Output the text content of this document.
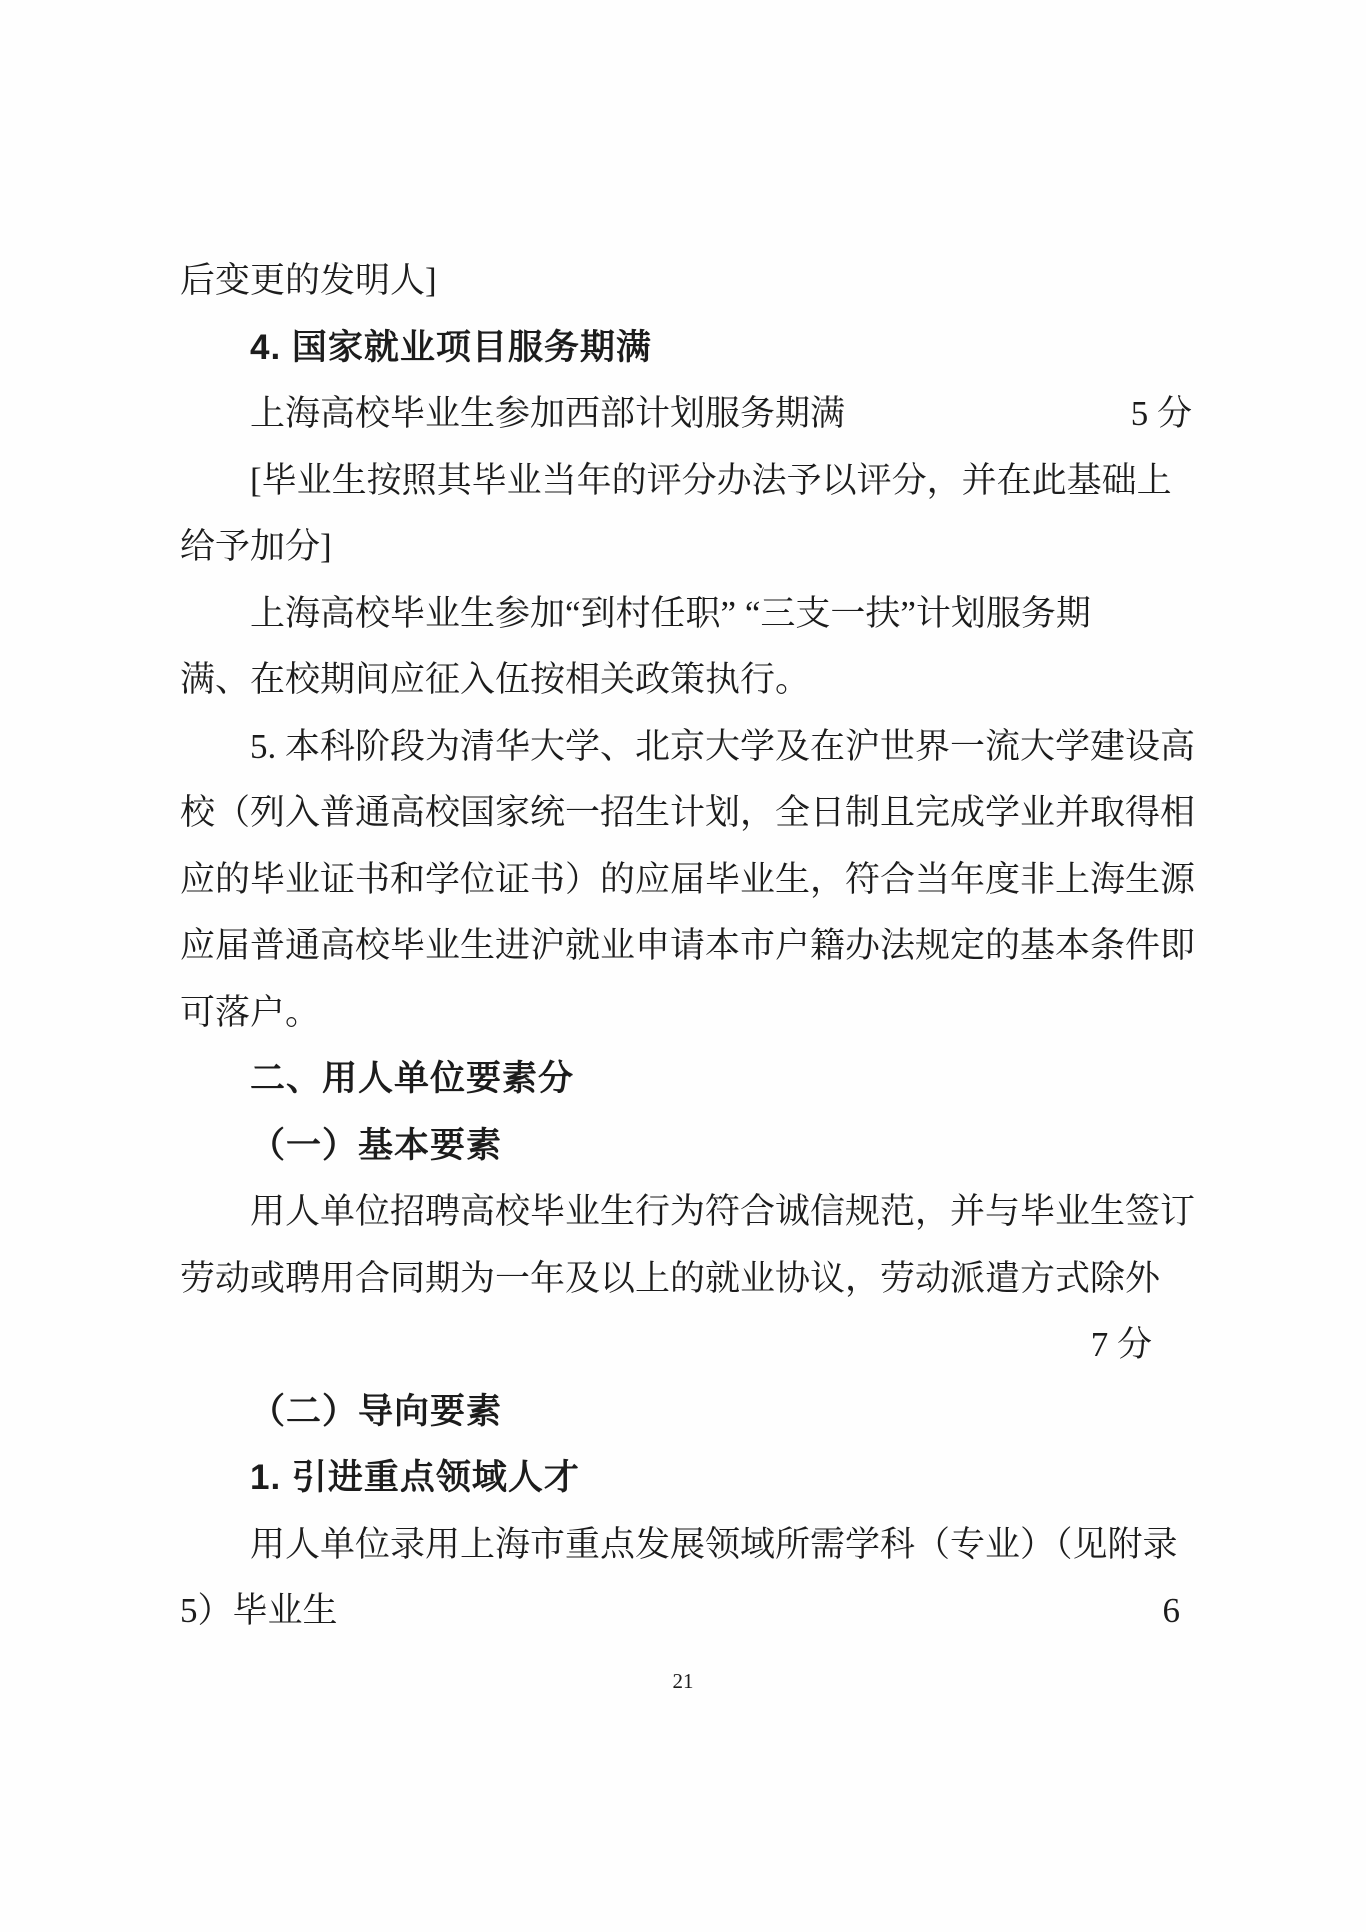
后变更的发明人]
4. 国家就业项目服务期满
上海高校毕业生参加西部计划服务期满	5 分
[毕业生按照其毕业当年的评分办法予以评分，并在此基础上
给予加分]
上海高校毕业生参加“到村任职” “三支一扶”计划服务期
满、在校期间应征入伍按相关政策执行。
5. 本科阶段为清华大学、北京大学及在沪世界一流大学建设高
校（列入普通高校国家统一招生计划，全日制且完成学业并取得相
应的毕业证书和学位证书）的应届毕业生，符合当年度非上海生源
应届普通高校毕业生进沪就业申请本市户籍办法规定的基本条件即
可落户。
二、用人单位要素分
（一）基本要素
用人单位招聘高校毕业生行为符合诚信规范，并与毕业生签订
劳动或聘用合同期为一年及以上的就业协议，劳动派遣方式除外
7 分
（二）导向要素
1. 引进重点领域人才
用人单位录用上海市重点发展领域所需学科（专业）（见附录
5）毕业生	6
21
